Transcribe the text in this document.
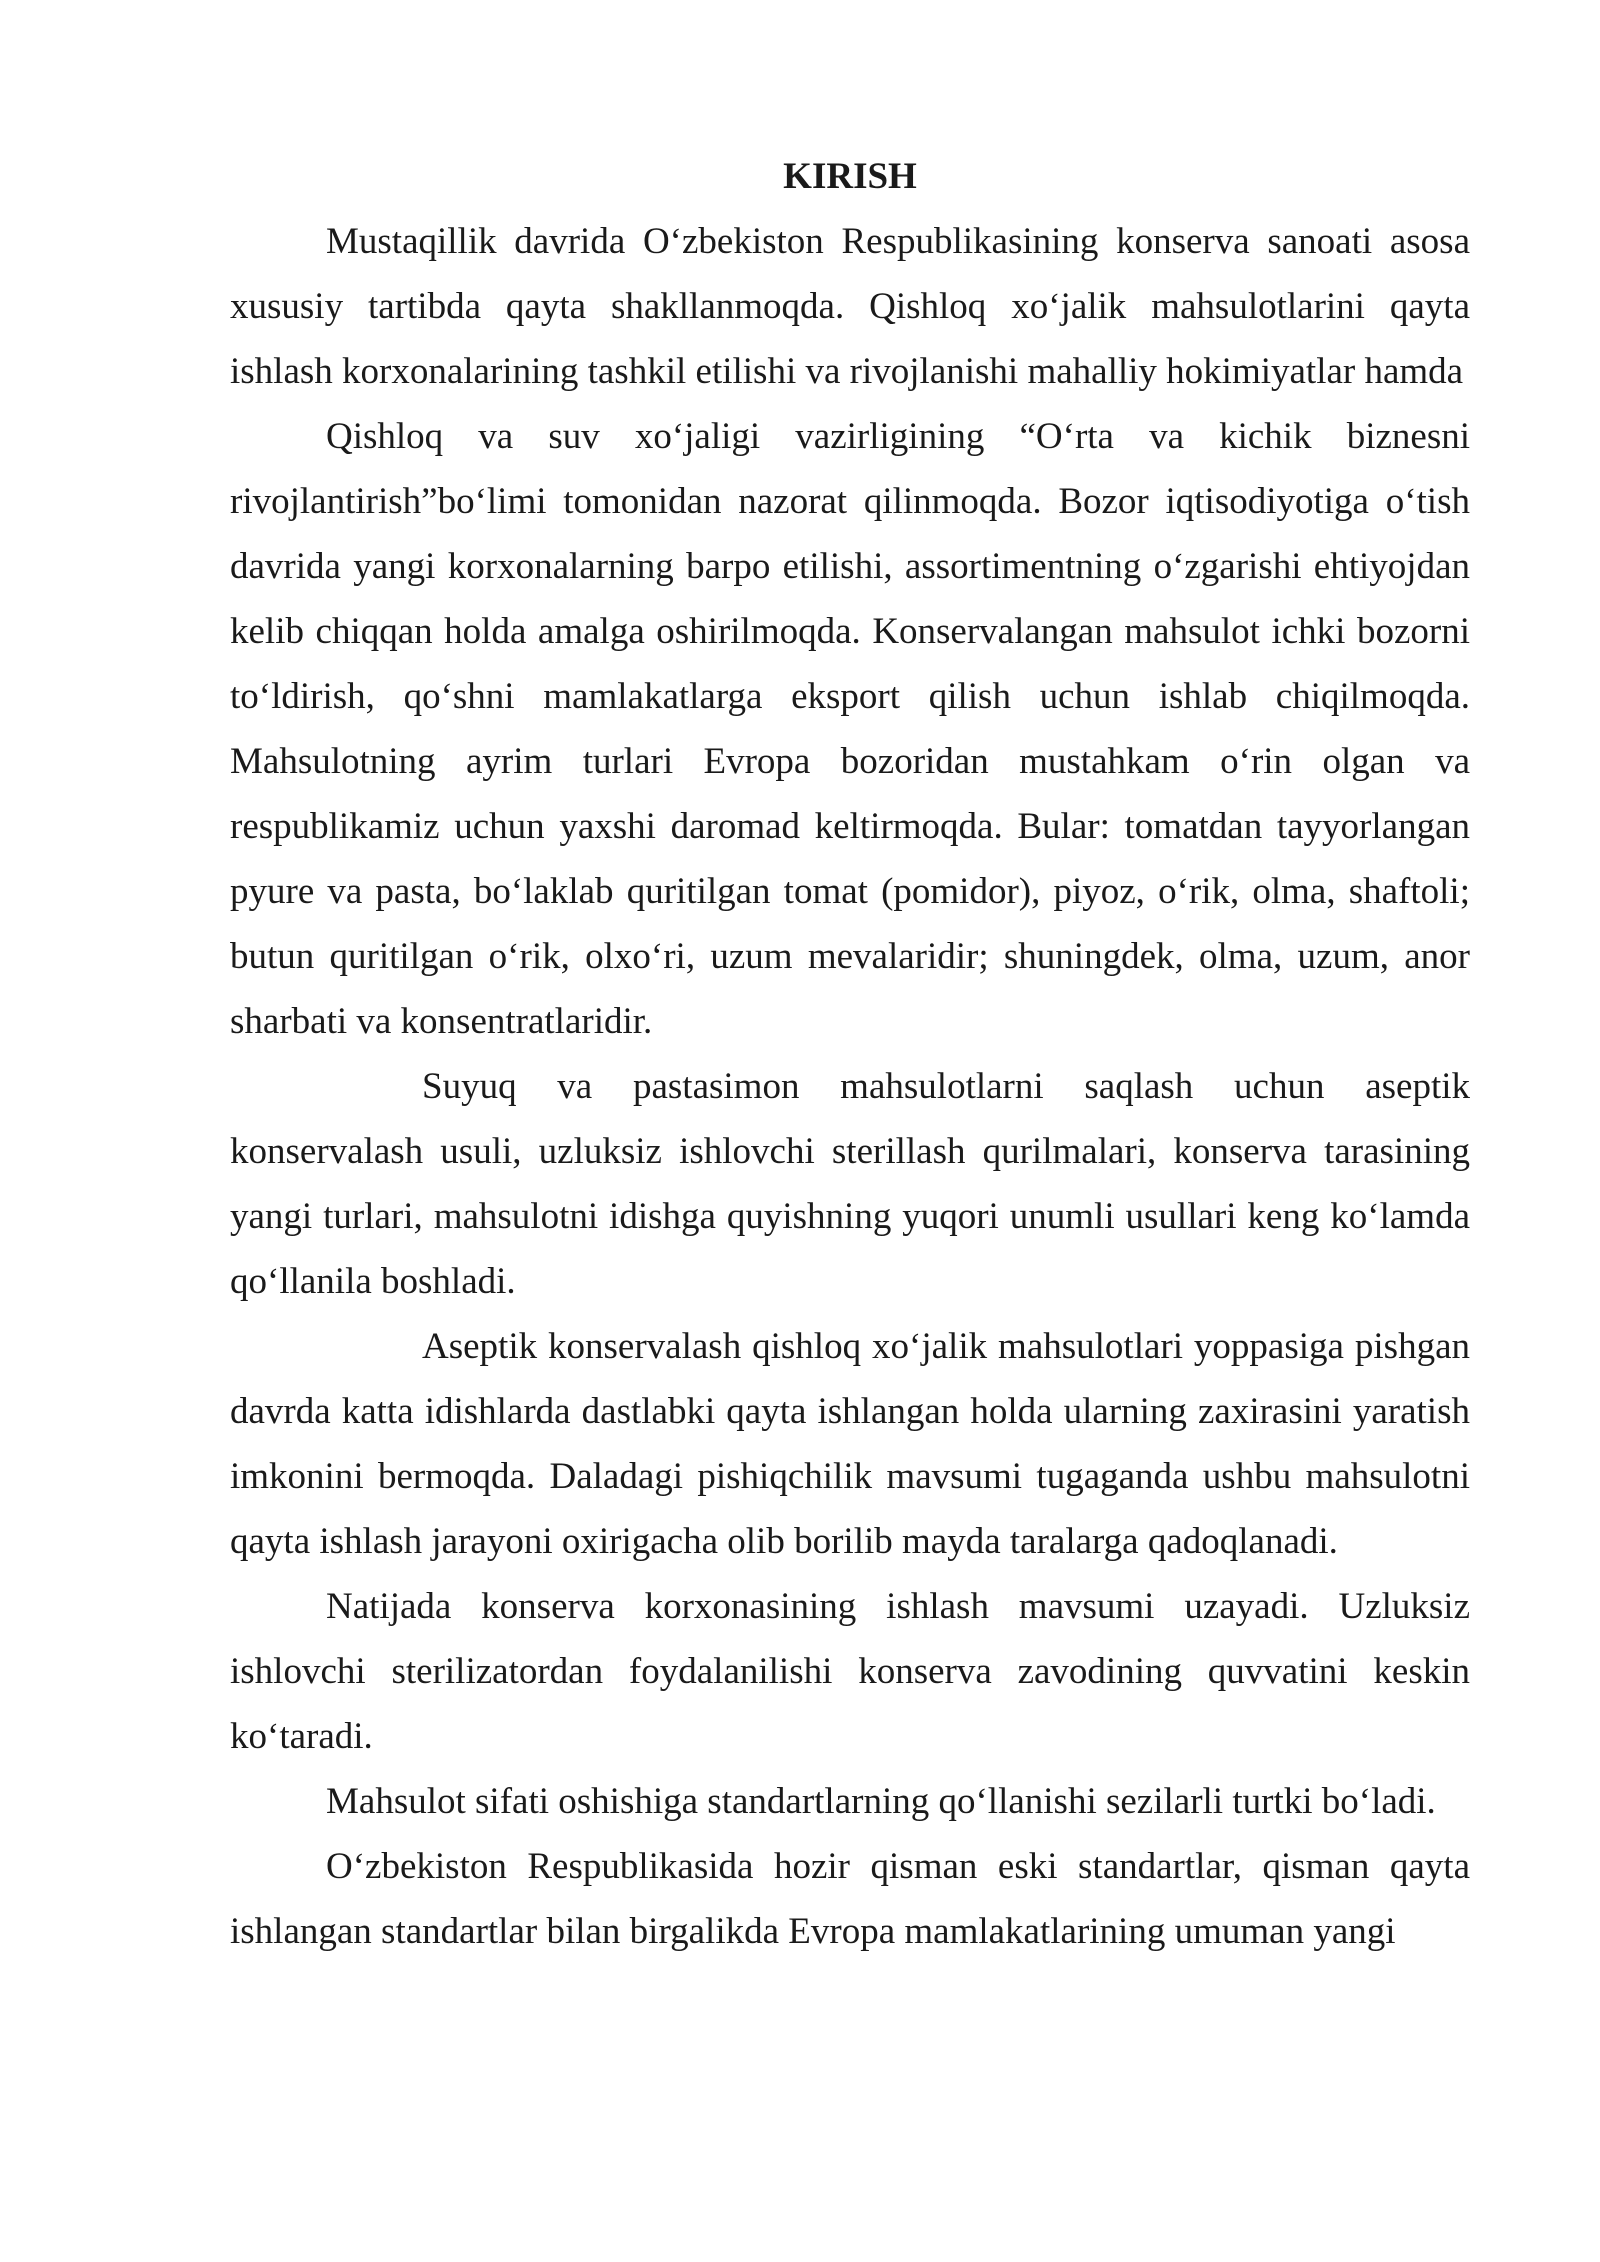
KIRISH

Mustaqillik davrida Oʻzbekiston Respublikasining konserva sanoati asosa xususiy tartibda qayta shakllanmoqda. Qishloq xoʻjalik mahsulotlarini qayta ishlash korxonalarining tashkil etilishi va rivojlanishi mahalliy hokimiyatlar hamda

Qishloq va suv xoʻjaligi vazirligining “Oʻrta va kichik biznesni rivojlantirish”boʻlimi tomonidan nazorat qilinmoqda. Bozor iqtisodiyotiga oʻtish davrida yangi korxonalarning barpo etilishi, assortimentning oʻzgarishi ehtiyojdan kelib chiqqan holda amalga oshirilmoqda. Konservalangan mahsulot ichki bozorni toʻldirish, qoʻshni mamlakatlarga eksport qilish uchun ishlab chiqilmoqda. Mahsulotning ayrim turlari Evropa bozoridan mustahkam oʻrin olgan va respublikamiz uchun yaxshi daromad keltirmoqda. Bular: tomatdan tayyorlangan pyure va pasta, boʻlaklab quritilgan tomat (pomidor), piyoz, oʻrik, olma, shaftoli; butun quritilgan oʻrik, olxoʻri, uzum mevalaridir; shuningdek, olma, uzum, anor sharbati va konsentratlaridir.

Suyuq va pastasimon mahsulotlarni saqlash uchun aseptik konservalash usuli, uzluksiz ishlovchi sterillash qurilmalari, konserva tarasining yangi turlari, mahsulotni idishga quyishning yuqori unumli usullari keng koʻlamda qoʻllanila boshladi.

Aseptik konservalash qishloq xoʻjalik mahsulotlari yoppasiga pishgan davrda katta idishlarda dastlabki qayta ishlangan holda ularning zaxirasini yaratish imkonini bermoqda. Daladagi pishiqchilik mavsumi tugaganda ushbu mahsulotni qayta ishlash jarayoni oxirigacha olib borilib mayda taralarga qadoqlanadi.

Natijada konserva korxonasining ishlash mavsumi uzayadi. Uzluksiz ishlovchi sterilizatordan foydalanilishi konserva zavodining quvvatini keskin koʻtaradi.

Mahsulot sifati oshishiga standartlarning qoʻllanishi sezilarli turtki boʻladi.

Oʻzbekiston Respublikasida hozir qisman eski standartlar, qisman qayta ishlangan standartlar bilan birgalikda Evropa mamlakatlarining umuman yangi
